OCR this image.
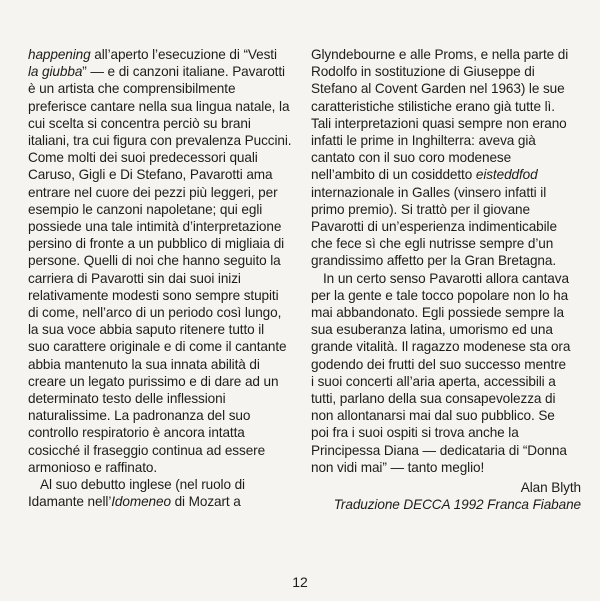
happening all’aperto l’esecuzione di “Vesti
la giubba” — e di canzoni italiane. Pavarotti
è un artista che comprensibilmente
preferisce cantare nella sua lingua natale, la
cui scelta si concentra perciò su brani
italiani, tra cui figura con prevalenza Puccini.
Come molti dei suoi predecessori quali
Caruso, Gigli e Di Stefano, Pavarotti ama
entrare nel cuore dei pezzi più leggeri, per
esempio le canzoni napoletane; qui egli
possiede una tale intimità d’interpretazione
persino di fronte a un pubblico di migliaia di
persone. Quelli di noi che hanno seguito la
carriera di Pavarotti sin dai suoi inizi
relativamente modesti sono sempre stupiti
di come, nell’arco di un periodo così lungo,
la sua voce abbia saputo ritenere tutto il
suo carattere originale e di come il cantante
abbia mantenuto la sua innata abilità di
creare un legato purissimo e di dare ad un
determinato testo delle inflessioni
naturalissime. La padronanza del suo
controllo respiratorio è ancora intatta
cosicché il fraseggio continua ad essere
armonioso e raffinato.
Al suo debutto inglese (nel ruolo di
Idamante nell’Idomeneo di Mozart a
Glyndebourne e alle Proms, e nella parte di
Rodolfo in sostituzione di Giuseppe di
Stefano al Covent Garden nel 1963) le sue
caratteristiche stilistiche erano già tutte lì.
Tali interpretazioni quasi sempre non erano
infatti le prime in Inghilterra: aveva già
cantato con il suo coro modenese
nell’ambito di un cosiddetto eisteddfod
internazionale in Galles (vinsero infatti il
primo premio). Si trattò per il giovane
Pavarotti di un’esperienza indimenticabile
che fece sì che egli nutrisse sempre d’un
grandissimo affetto per la Gran Bretagna.
In un certo senso Pavarotti allora cantava
per la gente e tale tocco popolare non lo ha
mai abbandonato. Egli possiede sempre la
sua esuberanza latina, umorismo ed una
grande vitalità. Il ragazzo modenese sta ora
godendo dei frutti del suo successo mentre
i suoi concerti all’aria aperta, accessibili a
tutti, parlano della sua consapevolezza di
non allontanarsi mai dal suo pubblico. Se
poi fra i suoi ospiti si trova anche la
Principessa Diana — dedicataria di “Donna
non vidi mai” — tanto meglio!
Alan Blyth
Traduzione DECCA 1992 Franca Fiabane
12
